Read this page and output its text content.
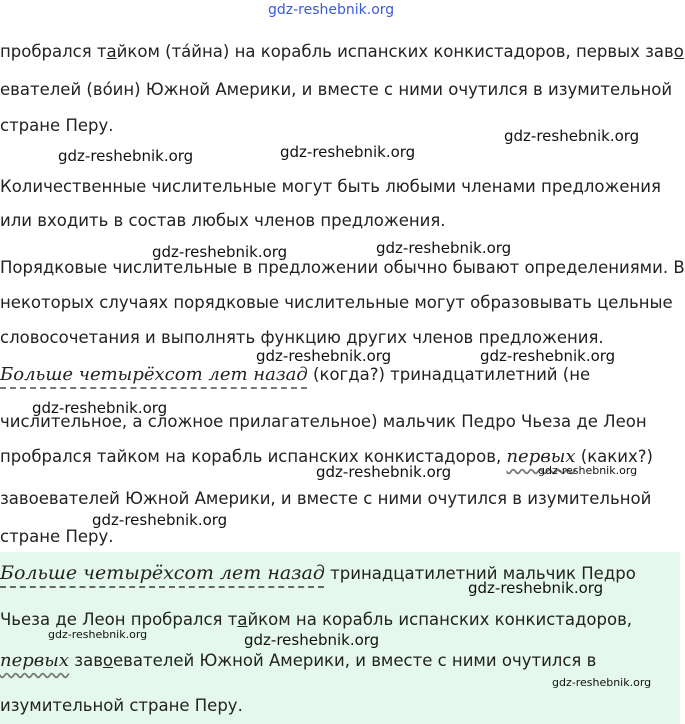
gdz-reshebnik.org
пробрался тайком (та́йна) на корабль испанских конкистадоров, первых заво
евателей (во́ин) Южной Америки, и вместе с ними очутился в изумительной
стране Перу.
gdz-reshebnik.org
gdz-reshebnik.org	gdz-reshebnik.org
Количественные числительные могут быть любыми членами предложения
или входить в состав любых членов предложения.
gdz-reshebnik.org	gdz-reshebnik.org
Порядковые числительные в предложении обычно бывают определениями. В
некоторых случаях порядковые числительные могут образовывать цельные
словосочетания и выполнять функцию других членов предложения.
gdz-reshebnik.org	gdz-reshebnik.org
Больше четырёхсот лет назад (когда?) тринадцатилетний (не
gdz-reshebnik.org
числительное, а сложное прилагательное) мальчик Педро Чьеза де Леон
пробрался тайком на корабль испанских конкистадоров, первых (каких?)
gdz-reshebnik.org	gdz-reshebnik.org
завоевателей Южной Америки, и вместе с ними очутился в изумительной
gdz-reshebnik.org
стране Перу.
Больше четырёхсот лет назад тринадцатилетний мальчик Педро
gdz-reshebnik.org
Чьеза де Леон пробрался тайком на корабль испанских конкистадоров,
gdz-reshebnik.org	gdz-reshebnik.org
первых завоевателей Южной Америки, и вместе с ними очутился в
gdz-reshebnik.org
изумительной стране Перу.
